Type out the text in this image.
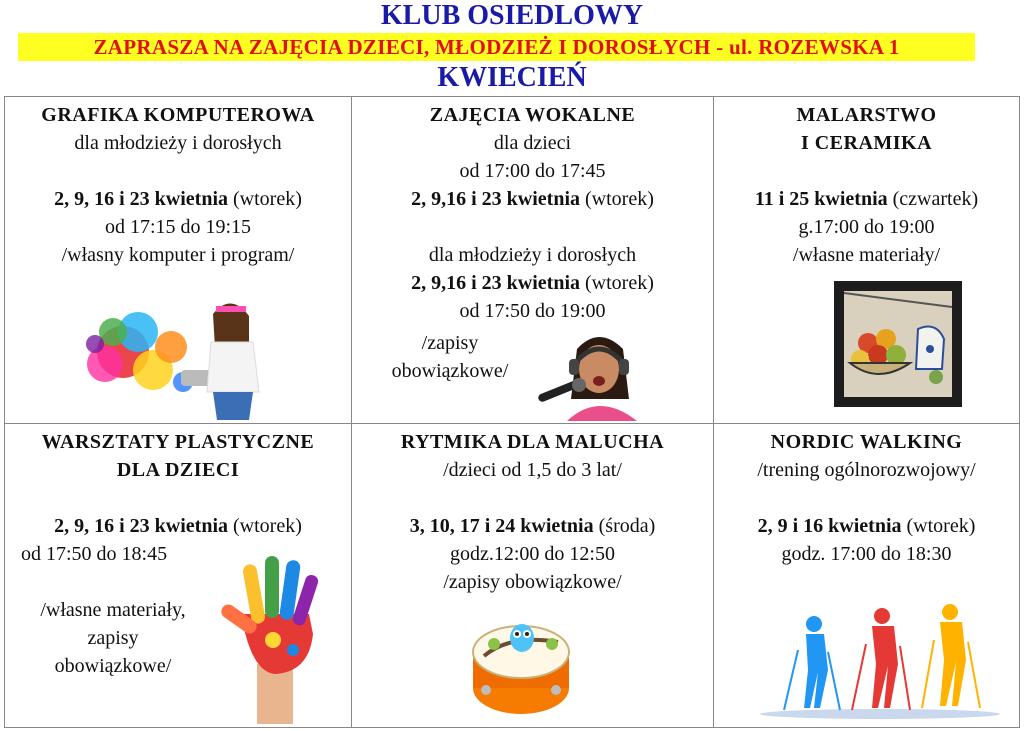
KLUB OSIEDLOWY
ZAPRASZA NA ZAJĘCIA DZIECI, MŁODZIEŻ I DOROSŁYCH - ul. ROZEWSKA 1
KWIECIEŃ
GRAFIKA KOMPUTEROWA
dla młodzieży i dorosłych
2, 9, 16 i 23 kwietnia (wtorek)
od 17:15 do 19:15
/własny komputer i program/
ZAJĘCIA WOKALNE
dla dzieci
od 17:00 do 17:45
2, 9,16 i 23 kwietnia (wtorek)
dla młodzieży i dorosłych
2, 9,16 i 23 kwietnia (wtorek)
od 17:50 do 19:00
/zapisy
obowiązkowe/
MALARSTWO
I CERAMIKA
11 i 25 kwietnia (czwartek)
g.17:00 do 19:00
/własne materiały/
WARSZTATY PLASTYCZNE
DLA DZIECI
2, 9, 16 i 23 kwietnia (wtorek)
od 17:50 do 18:45
/własne materiały,
zapisy
obowiązkowe/
RYTMIKA DLA MALUCHA
/dzieci od 1,5 do 3 lat/
3, 10, 17 i 24 kwietnia (środa)
godz.12:00 do 12:50
/zapisy obowiązkowe/
NORDIC WALKING
/trening ogólnorozwojowy/
2, 9 i 16 kwietnia (wtorek)
godz. 17:00 do 18:30
